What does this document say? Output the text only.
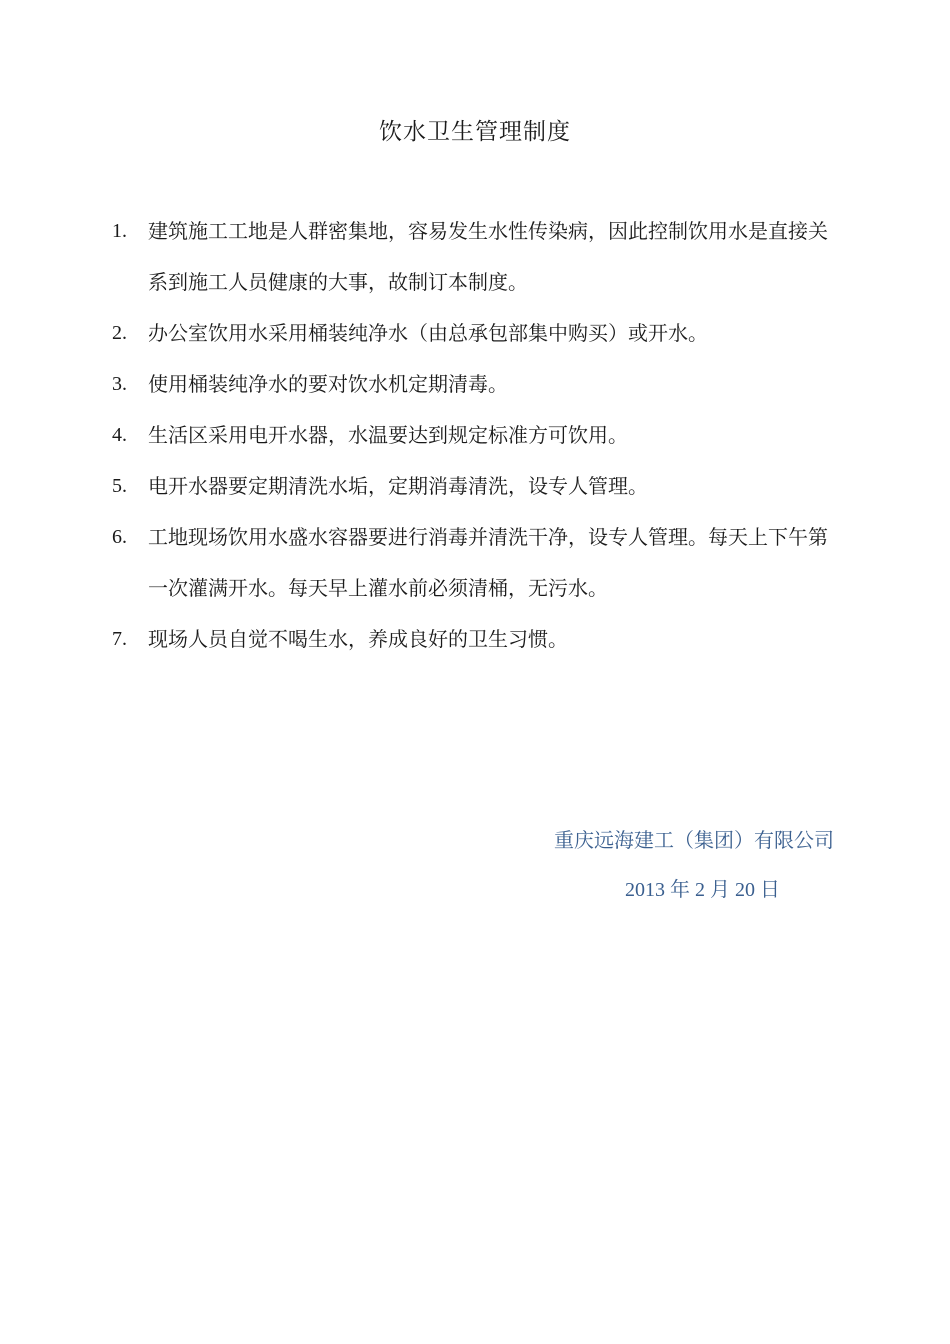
饮水卫生管理制度
1.	建筑施工工地是人群密集地，容易发生水性传染病，因此控制饮用水是直接关系到施工人员健康的大事，故制订本制度。
2.	办公室饮用水采用桶装纯净水（由总承包部集中购买）或开水。
3.	使用桶装纯净水的要对饮水机定期清毒。
4.	生活区采用电开水器，水温要达到规定标准方可饮用。
5.	电开水器要定期清洗水垢，定期消毒清洗，设专人管理。
6.	工地现场饮用水盛水容器要进行消毒并清洗干净，设专人管理。每天上下午第一次灌满开水。每天早上灌水前必须清桶，无污水。
7.	现场人员自觉不喝生水，养成良好的卫生习惯。
重庆远海建工（集团）有限公司
2013 年 2 月 20 日
